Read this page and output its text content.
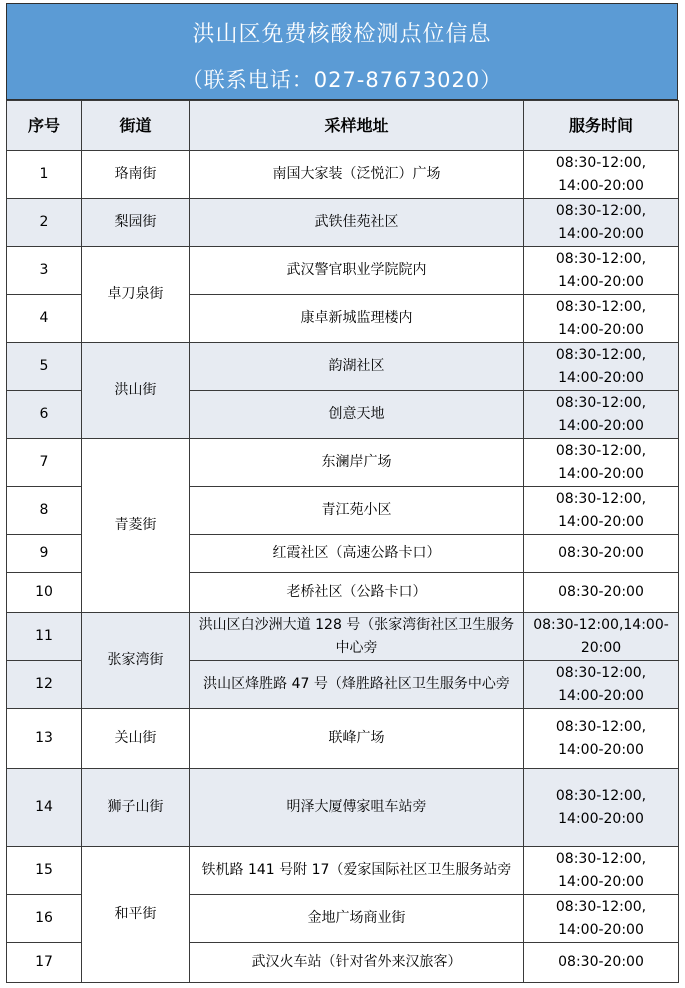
洪山区免费核酸检测点位信息
（联系电话：027-87673020）
序号	街道	采样地址	服务时间
1	珞南街	南国大家装（泛悦汇）广场	08:30-12:00,
14:00-20:00
2	梨园街	武铁佳苑社区	08:30-12:00,
14:00-20:00
3	卓刀泉街	武汉警官职业学院院内	08:30-12:00,
14:00-20:00
4		康卓新城监理楼内	08:30-12:00,
14:00-20:00
5	洪山街	韵湖社区	08:30-12:00,
14:00-20:00
6		创意天地	08:30-12:00,
14:00-20:00
7	青菱街	东澜岸广场	08:30-12:00,
14:00-20:00
8		青江苑小区	08:30-12:00,
14:00-20:00
9		红霞社区（高速公路卡口）	08:30-20:00
10		老桥社区（公路卡口）	08:30-20:00
11	张家湾街	洪山区白沙洲大道 128 号（张家湾街社区卫生服务中心旁	08:30-12:00,14:00-20:00
12		洪山区烽胜路 47 号（烽胜路社区卫生服务中心旁	08:30-12:00,
14:00-20:00
13	关山街	联峰广场	08:30-12:00,
14:00-20:00
14	狮子山街	明泽大厦傅家咀车站旁	08:30-12:00,
14:00-20:00
15	和平街	铁机路 141 号附 17（爱家国际社区卫生服务站旁	08:30-12:00,
14:00-20:00
16		金地广场商业街	08:30-12:00,
14:00-20:00
17		武汉火车站（针对省外来汉旅客）	08:30-20:00
